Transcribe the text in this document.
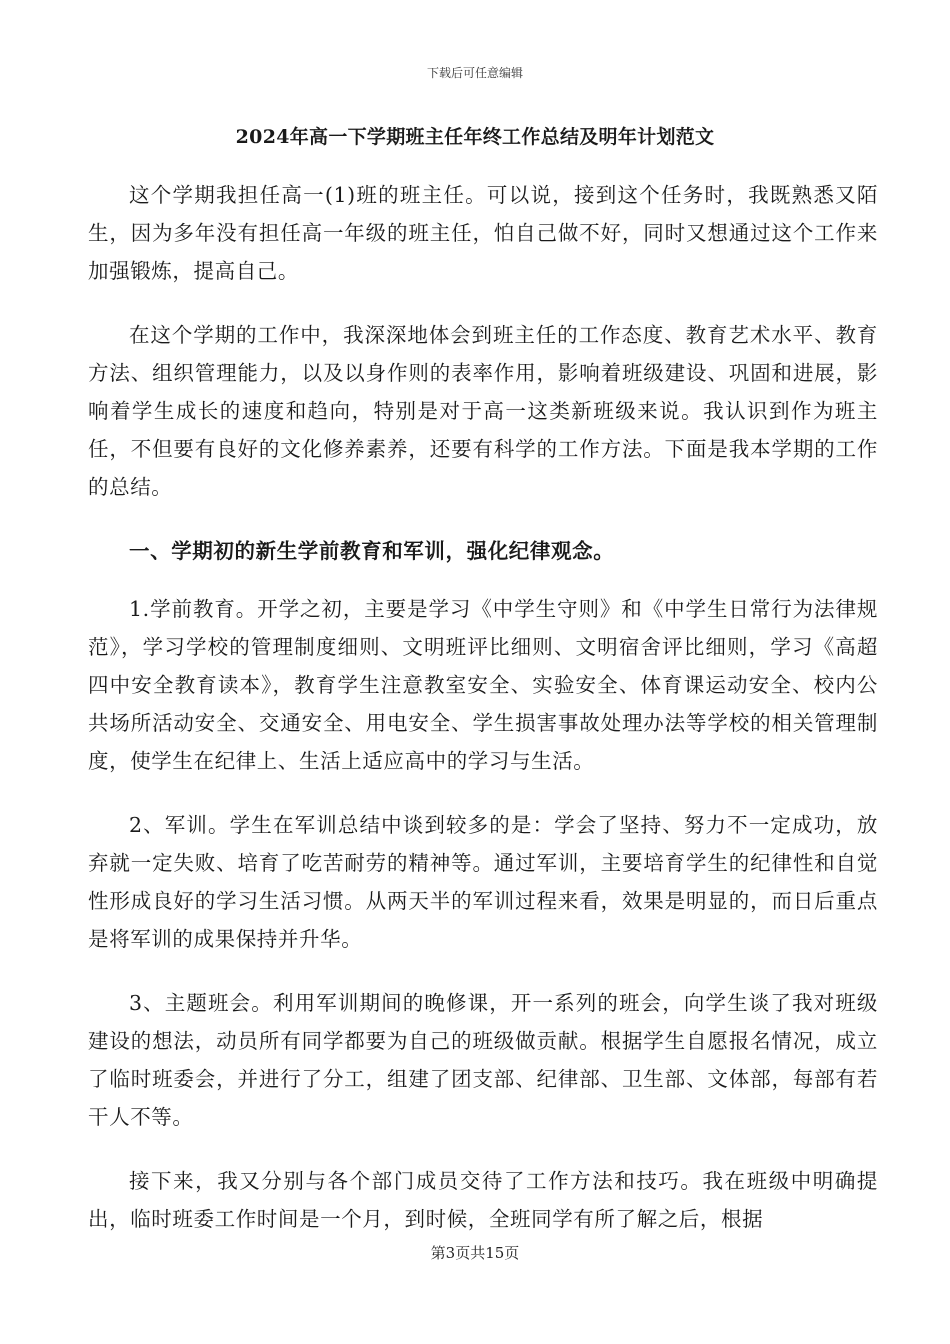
下载后可任意编辑
2024年高一下学期班主任年终工作总结及明年计划范文

这个学期我担任高一(1)班的班主任。可以说，接到这个任务时，我既熟悉又陌生，因为多年没有担任高一年级的班主任，怕自己做不好，同时又想通过这个工作来加强锻炼，提高自己。

在这个学期的工作中，我深深地体会到班主任的工作态度、教育艺术水平、教育方法、组织管理能力，以及以身作则的表率作用，影响着班级建设、巩固和进展，影响着学生成长的速度和趋向，特别是对于高一这类新班级来说。我认识到作为班主任，不但要有良好的文化修养素养，还要有科学的工作方法。下面是我本学期的工作的总结。

一、学期初的新生学前教育和军训，强化纪律观念。

1.学前教育。开学之初，主要是学习《中学生守则》和《中学生日常行为法律规范》，学习学校的管理制度细则、文明班评比细则、文明宿舍评比细则，学习《高超四中安全教育读本》，教育学生注意教室安全、实验安全、体育课运动安全、校内公共场所活动安全、交通安全、用电安全、学生损害事故处理办法等学校的相关管理制度，使学生在纪律上、生活上适应高中的学习与生活。

2、军训。学生在军训总结中谈到较多的是：学会了坚持、努力不一定成功，放弃就一定失败、培育了吃苦耐劳的精神等。通过军训，主要培育学生的纪律性和自觉性形成良好的学习生活习惯。从两天半的军训过程来看，效果是明显的，而日后重点是将军训的成果保持并升华。

3、主题班会。利用军训期间的晚修课，开一系列的班会，向学生谈了我对班级建设的想法，动员所有同学都要为自己的班级做贡献。根据学生自愿报名情况，成立了临时班委会，并进行了分工，组建了团支部、纪律部、卫生部、文体部，每部有若干人不等。

接下来，我又分别与各个部门成员交待了工作方法和技巧。我在班级中明确提出，临时班委工作时间是一个月，到时候，全班同学有所了解之后，根据

第3页共15页
